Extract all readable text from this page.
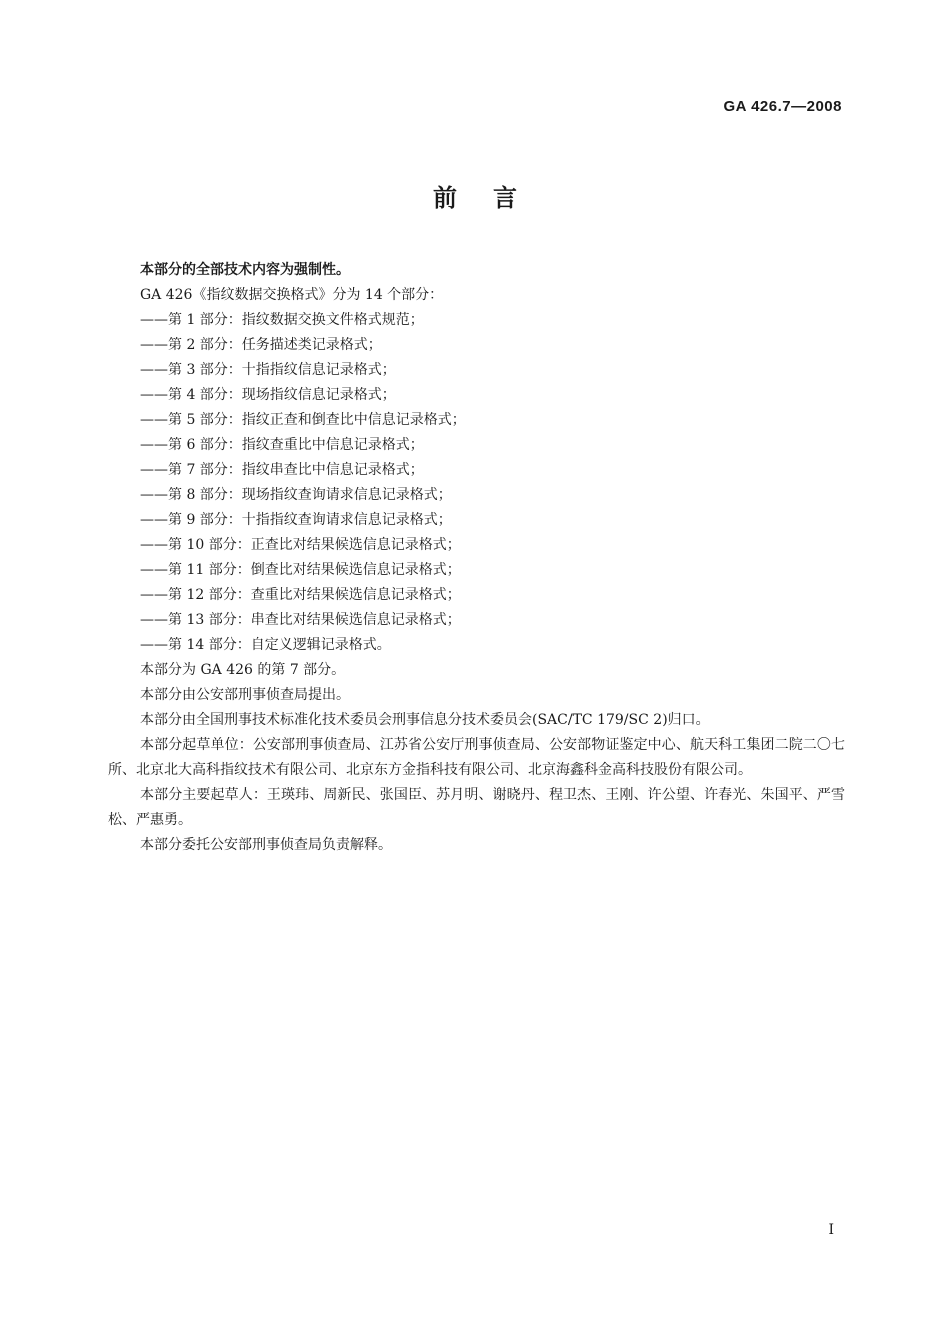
GA 426.7—2008
前言
本部分的全部技术内容为强制性。
GA 426《指纹数据交换格式》分为 14 个部分：
——第 1 部分：指纹数据交换文件格式规范；
——第 2 部分：任务描述类记录格式；
——第 3 部分：十指指纹信息记录格式；
——第 4 部分：现场指纹信息记录格式；
——第 5 部分：指纹正查和倒查比中信息记录格式；
——第 6 部分：指纹查重比中信息记录格式；
——第 7 部分：指纹串查比中信息记录格式；
——第 8 部分：现场指纹查询请求信息记录格式；
——第 9 部分：十指指纹查询请求信息记录格式；
——第 10 部分：正查比对结果候选信息记录格式；
——第 11 部分：倒查比对结果候选信息记录格式；
——第 12 部分：查重比对结果候选信息记录格式；
——第 13 部分：串查比对结果候选信息记录格式；
——第 14 部分：自定义逻辑记录格式。
本部分为 GA 426 的第 7 部分。
本部分由公安部刑事侦查局提出。
本部分由全国刑事技术标准化技术委员会刑事信息分技术委员会(SAC/TC 179/SC 2)归口。
本部分起草单位：公安部刑事侦查局、江苏省公安厅刑事侦查局、公安部物证鉴定中心、航天科工集团二院二〇七所、北京北大高科指纹技术有限公司、北京东方金指科技有限公司、北京海鑫科金高科技股份有限公司。
本部分主要起草人：王瑛玮、周新民、张国臣、苏月明、谢晓丹、程卫杰、王刚、许公望、许春光、朱国平、严雪松、严惠勇。
本部分委托公安部刑事侦查局负责解释。
I
